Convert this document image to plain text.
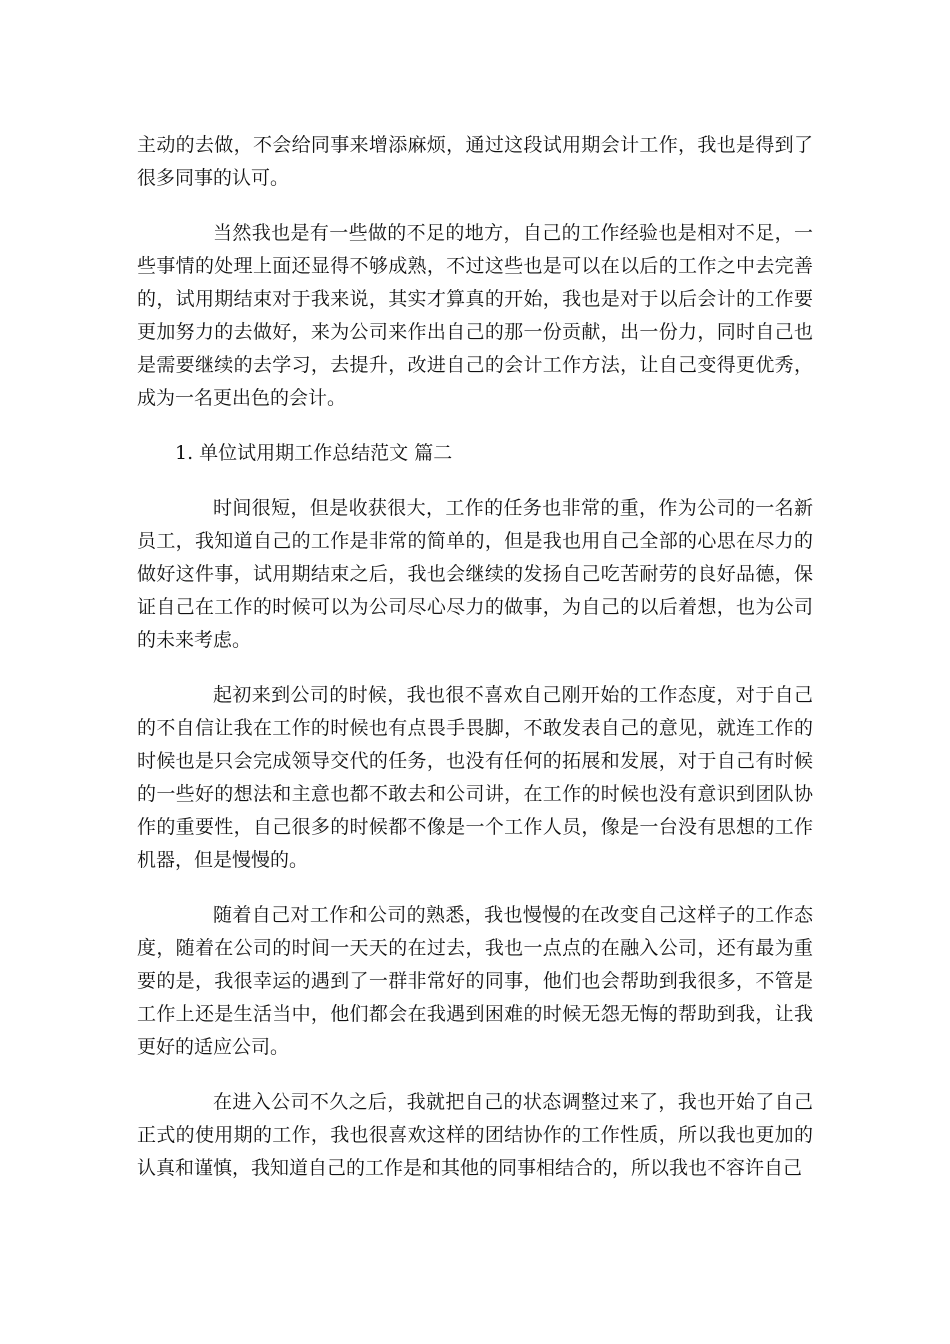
主动的去做，不会给同事来增添麻烦，通过这段试用期会计工作，我也是得到了很多同事的认可。

当然我也是有一些做的不足的地方，自己的工作经验也是相对不足，一些事情的处理上面还显得不够成熟，不过这些也是可以在以后的工作之中去完善的，试用期结束对于我来说，其实才算真的开始，我也是对于以后会计的工作要更加努力的去做好，来为公司来作出自己的那一份贡献，出一份力，同时自己也是需要继续的去学习，去提升，改进自己的会计工作方法，让自己变得更优秀，成为一名更出色的会计。

1. 单位试用期工作总结范文 篇二

时间很短，但是收获很大，工作的任务也非常的重，作为公司的一名新员工，我知道自己的工作是非常的简单的，但是我也用自己全部的心思在尽力的做好这件事，试用期结束之后，我也会继续的发扬自己吃苦耐劳的良好品德，保证自己在工作的时候可以为公司尽心尽力的做事，为自己的以后着想，也为公司的未来考虑。

起初来到公司的时候，我也很不喜欢自己刚开始的工作态度，对于自己的不自信让我在工作的时候也有点畏手畏脚，不敢发表自己的意见，就连工作的时候也是只会完成领导交代的任务，也没有任何的拓展和发展，对于自己有时候的一些好的想法和主意也都不敢去和公司讲，在工作的时候也没有意识到团队协作的重要性，自己很多的时候都不像是一个工作人员，像是一台没有思想的工作机器，但是慢慢的。

随着自己对工作和公司的熟悉，我也慢慢的在改变自己这样子的工作态度，随着在公司的时间一天天的在过去，我也一点点的在融入公司，还有最为重要的是，我很幸运的遇到了一群非常好的同事，他们也会帮助到我很多，不管是工作上还是生活当中，他们都会在我遇到困难的时候无怨无悔的帮助到我，让我更好的适应公司。

在进入公司不久之后，我就把自己的状态调整过来了，我也开始了自己正式的使用期的工作，我也很喜欢这样的团结协作的工作性质，所以我也更加的认真和谨慎，我知道自己的工作是和其他的同事相结合的，所以我也不容许自己
